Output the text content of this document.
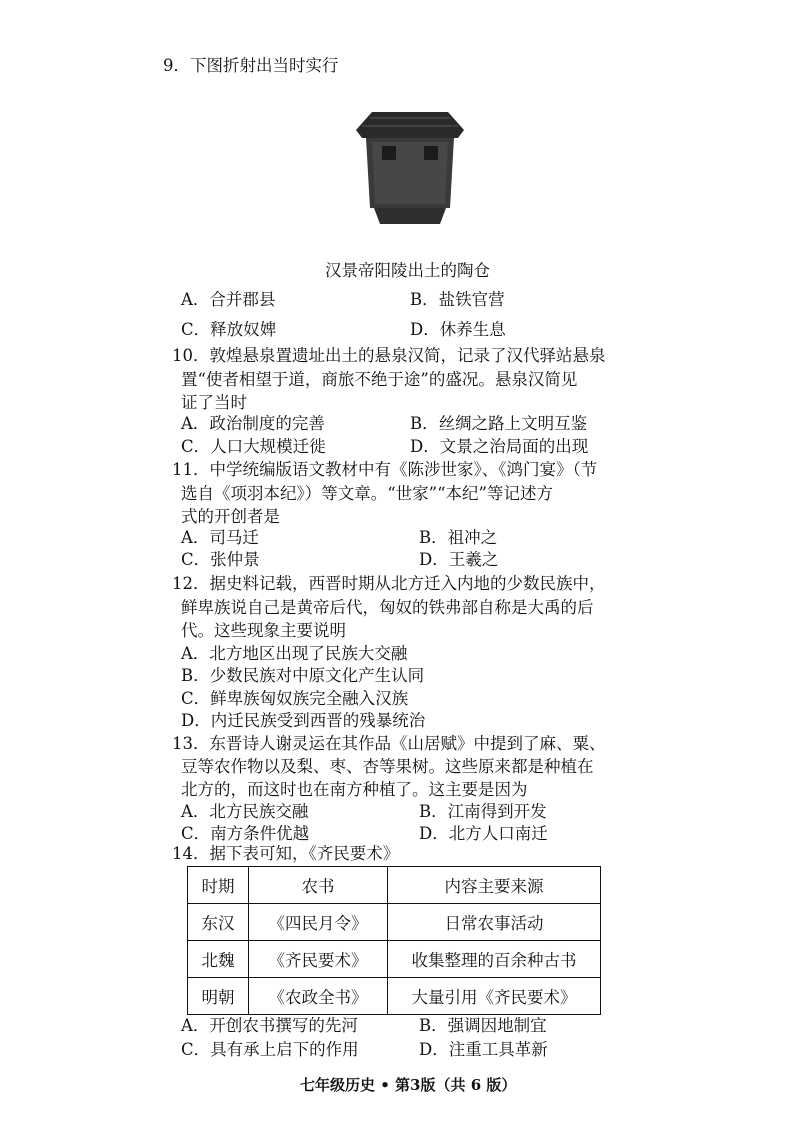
9．下图折射出当时实行
汉景帝阳陵出土的陶仓
A．合并郡县	B．盐铁官营
C．释放奴婢	D．休养生息
10．敦煌悬泉置遗址出土的悬泉汉简，记录了汉代驿站悬泉
置“使者相望于道，商旅不绝于途”的盛况。悬泉汉简见
证了当时
A．政治制度的完善	B．丝绸之路上文明互鉴
C．人口大规模迁徙	D．文景之治局面的出现
11．中学统编版语文教材中有《陈涉世家》、《鸿门宴》（节
选自《项羽本纪》）等文章。“世家”“本纪”等记述方
式的开创者是
A．司马迁	B．祖冲之
C．张仲景	D．王羲之
12．据史料记载，西晋时期从北方迁入内地的少数民族中，
鲜卑族说自己是黄帝后代，匈奴的铁弗部自称是大禹的后
代。这些现象主要说明
A．北方地区出现了民族大交融
B．少数民族对中原文化产生认同
C．鲜卑族匈奴族完全融入汉族
D．内迁民族受到西晋的残暴统治
13．东晋诗人谢灵运在其作品《山居赋》中提到了麻、粟、
豆等农作物以及梨、枣、杏等果树。这些原来都是种植在
北方的，而这时也在南方种植了。这主要是因为
A．北方民族交融	B．江南得到开发
C．南方条件优越	D．北方人口南迁
14．据下表可知，《齐民要术》
时期	农书	内容主要来源
东汉	《四民月令》	日常农事活动
北魏	《齐民要术》	收集整理的百余种古书
明朝	《农政全书》	大量引用《齐民要术》
A．开创农书撰写的先河	B．强调因地制宜
C．具有承上启下的作用	D．注重工具革新
七年级历史 • 第3版（共 6 版）
